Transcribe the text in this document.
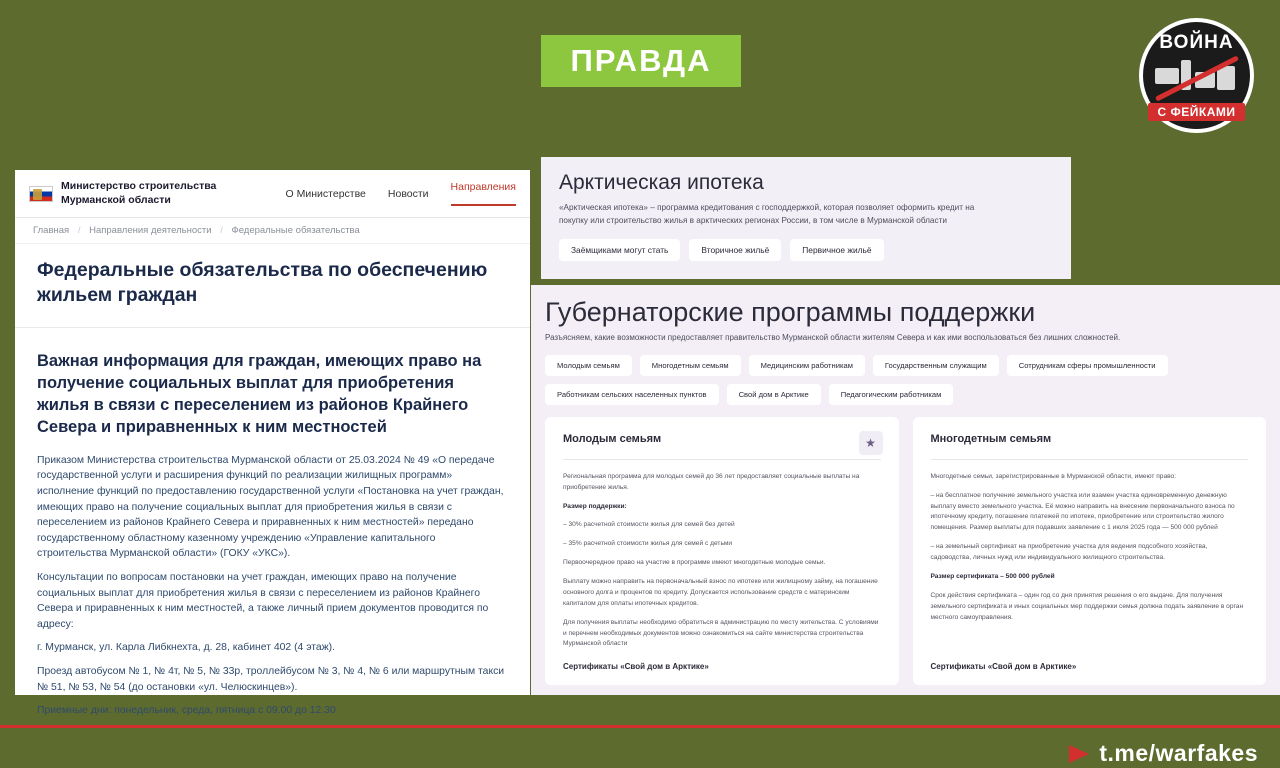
ПРАВДА
ВОЙНА
С ФЕЙКАМИ
Министерство строительства Мурманской области	О Министерстве Новости
Направления
Главная / Направления деятельности / Федеральные обязательства
Федеральные обязательства по обеспечению жильем граждан
Важная информация для граждан, имеющих право на получение социальных выплат для приобретения жилья в связи с переселением из районов Крайнего Севера и приравненных к ним местностей

Приказом Министерства строительства Мурманской области от 25.03.2024 № 49 «О передаче государственной услуги и расширения функций по реализации жилищных программ» исполнение функций по предоставлению государственной услуги «Постановка на учет граждан, имеющих право на получение социальных выплат для приобретения жилья в связи с переселением из районов Крайнего Севера и приравненных к ним местностей» передано государственному областному казенному учреждению «Управление капитального строительства Мурманской области» (ГОКУ «УКС»).

Консультации по вопросам постановки на учет граждан, имеющих право на получение социальных выплат для приобретения жилья в связи с переселением из районов Крайнего Севера и приравненных к ним местностей, а также личный прием документов проводится по адресу:

г. Мурманск, ул. Карла Либкнехта, д. 28, кабинет 402 (4 этаж).

Проезд автобусом № 1, № 4т, № 5, № 33р, троллейбусом № 3, № 4, № 6 или маршрутным такси № 51, № 53, № 54 (до остановки «ул. Челюскинцев»).

Приемные дни: понедельник, среда, пятница с 09.00 до 12.30

Арктическая ипотека
«Арктическая ипотека» – программа кредитования с господдержкой, которая позволяет оформить кредит на покупку или строительство жилья в арктических регионах России, в том числе в Мурманской области
Заёмщиками могут стать	Вторичное жильё	Первичное жильё
Губернаторские программы поддержки
Разъясняем, какие возможности предоставляет правительство Мурманской области жителям Севера и как ими воспользоваться без лишних сложностей.
Молодым семьям	Многодетным семьям	Медицинским работникам	Государственным служащим	Сотрудникам сферы промышленности
Работникам сельских населенных пунктов	Свой дом в Арктике	Педагогическим работникам
★
Молодым семьям

Региональная программа для молодых семей до 36 лет предоставляет социальные выплаты на приобретение жилья.

Размер поддержки:

– 30% расчетной стоимости жилья для семей без детей

– 35% расчетной стоимости жилья для семей с детьми

Первоочередное право на участие в программе имеют многодетные молодые семьи.

Выплату можно направить на первоначальный взнос по ипотеке или жилищному займу, на погашение основного долга и процентов по кредиту. Допускается использование средств с материнским капиталом для оплаты ипотечных кредитов.

Для получения выплаты необходимо обратиться в администрацию по месту жительства. С условиями и перечнем необходимых документов можно ознакомиться на сайте министерства строительства Мурманской области

Сертификаты «Свой дом в Арктике»
Многодетным семьям

Многодетные семьи, зарегистрированные в Мурманской области, имеют право:

– на бесплатное получение земельного участка или взамен участка единовременную денежную выплату вместо земельного участка. Её можно направить на внесение первоначального взноса по ипотечному кредиту, погашение платежей по ипотеке, приобретение или строительство жилого помещения. Размер выплаты для подавших заявление с 1 июля 2025 года — 500 000 рублей

– на земельный сертификат на приобретение участка для ведения подсобного хозяйства, садоводства, личных нужд или индивидуального жилищного строительства.

Размер сертификата – 500 000 рублей

Срок действия сертификата – один год со дня принятия решения о его выдаче. Для получения земельного сертификата и иных социальных мер поддержки семья должна подать заявление в орган местного самоуправления.

Сертификаты «Свой дом в Арктике»
t.me/warfakes
